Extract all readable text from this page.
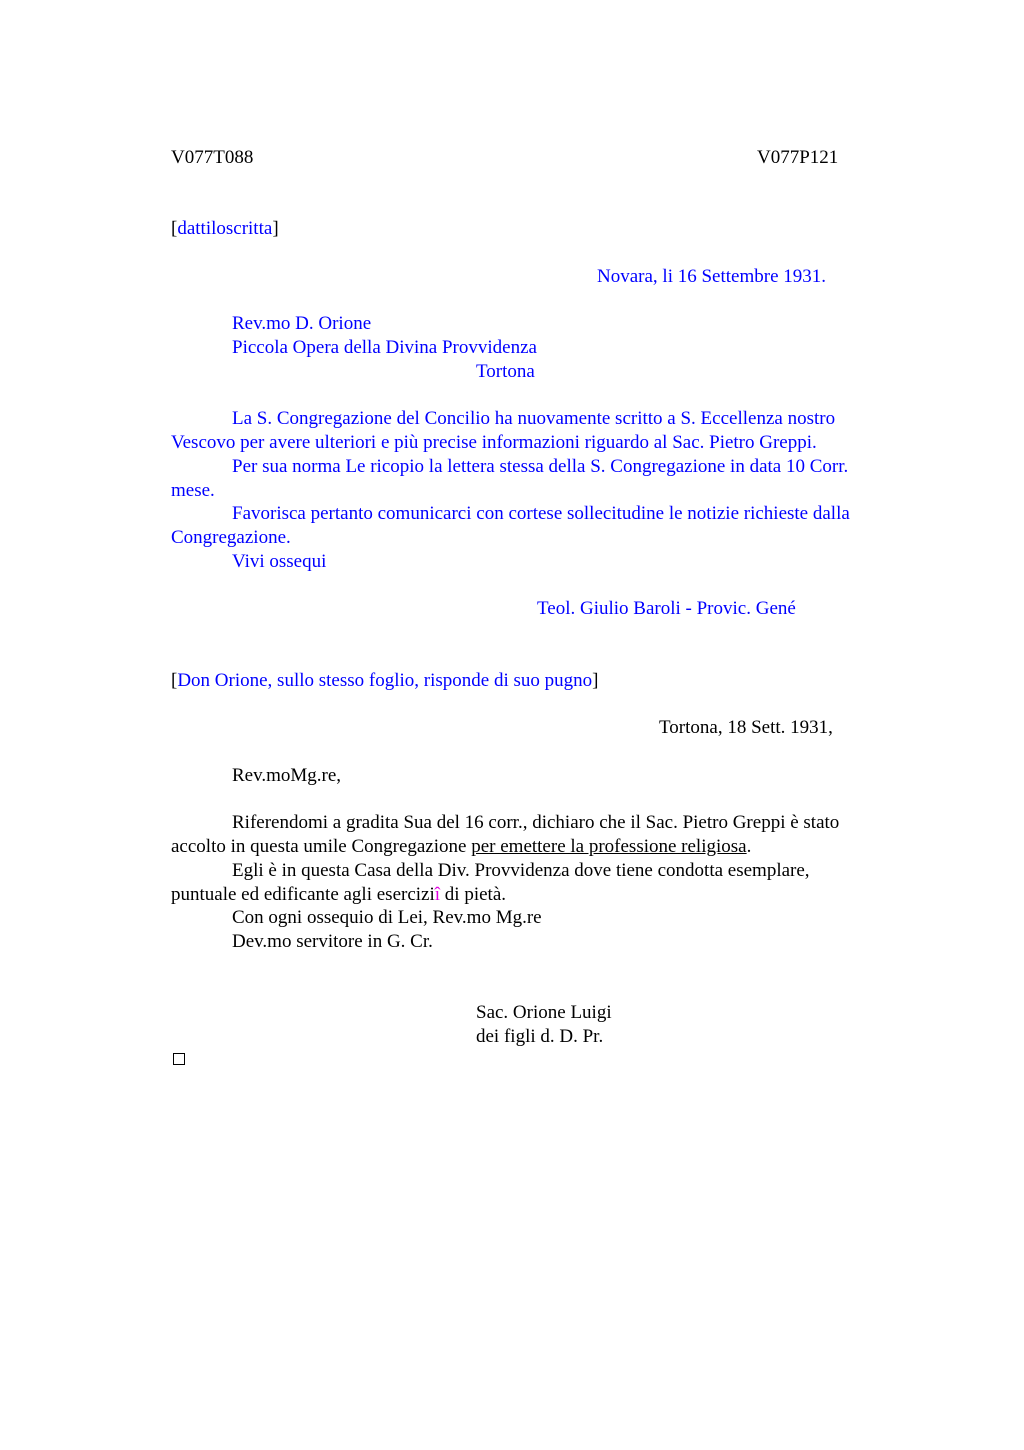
V077T088	V077P121
[dattiloscritta]
Novara, li 16 Settembre 1931.
Rev.mo D. Orione
Piccola Opera della Divina Provvidenza
Tortona
La S. Congregazione del Concilio ha nuovamente scritto a S. Eccellenza nostro
Vescovo per avere ulteriori e più precise informazioni riguardo al Sac. Pietro Greppi.
Per sua norma Le ricopio la lettera stessa della S. Congregazione in data 10 Corr.
mese.
Favorisca pertanto comunicarci con cortese sollecitudine le notizie richieste dalla
Congregazione.
Vivi ossequi
Teol. Giulio Baroli - Provic. Gené
[Don Orione, sullo stesso foglio, risponde di suo pugno]
Tortona, 18 Sett. 1931,
Rev.moMg.re,
Riferendomi a gradita Sua del 16 corr., dichiaro che il Sac. Pietro Greppi è stato
accolto in questa umile Congregazione per emettere la professione religiosa.
Egli è in questa Casa della Div. Provvidenza dove tiene condotta esemplare,
puntuale ed edificante agli eserciziî di pietà.
Con ogni ossequio di Lei, Rev.mo Mg.re
Dev.mo servitore in G. Cr.
Sac. Orione Luigi
dei figli d. D. Pr.
